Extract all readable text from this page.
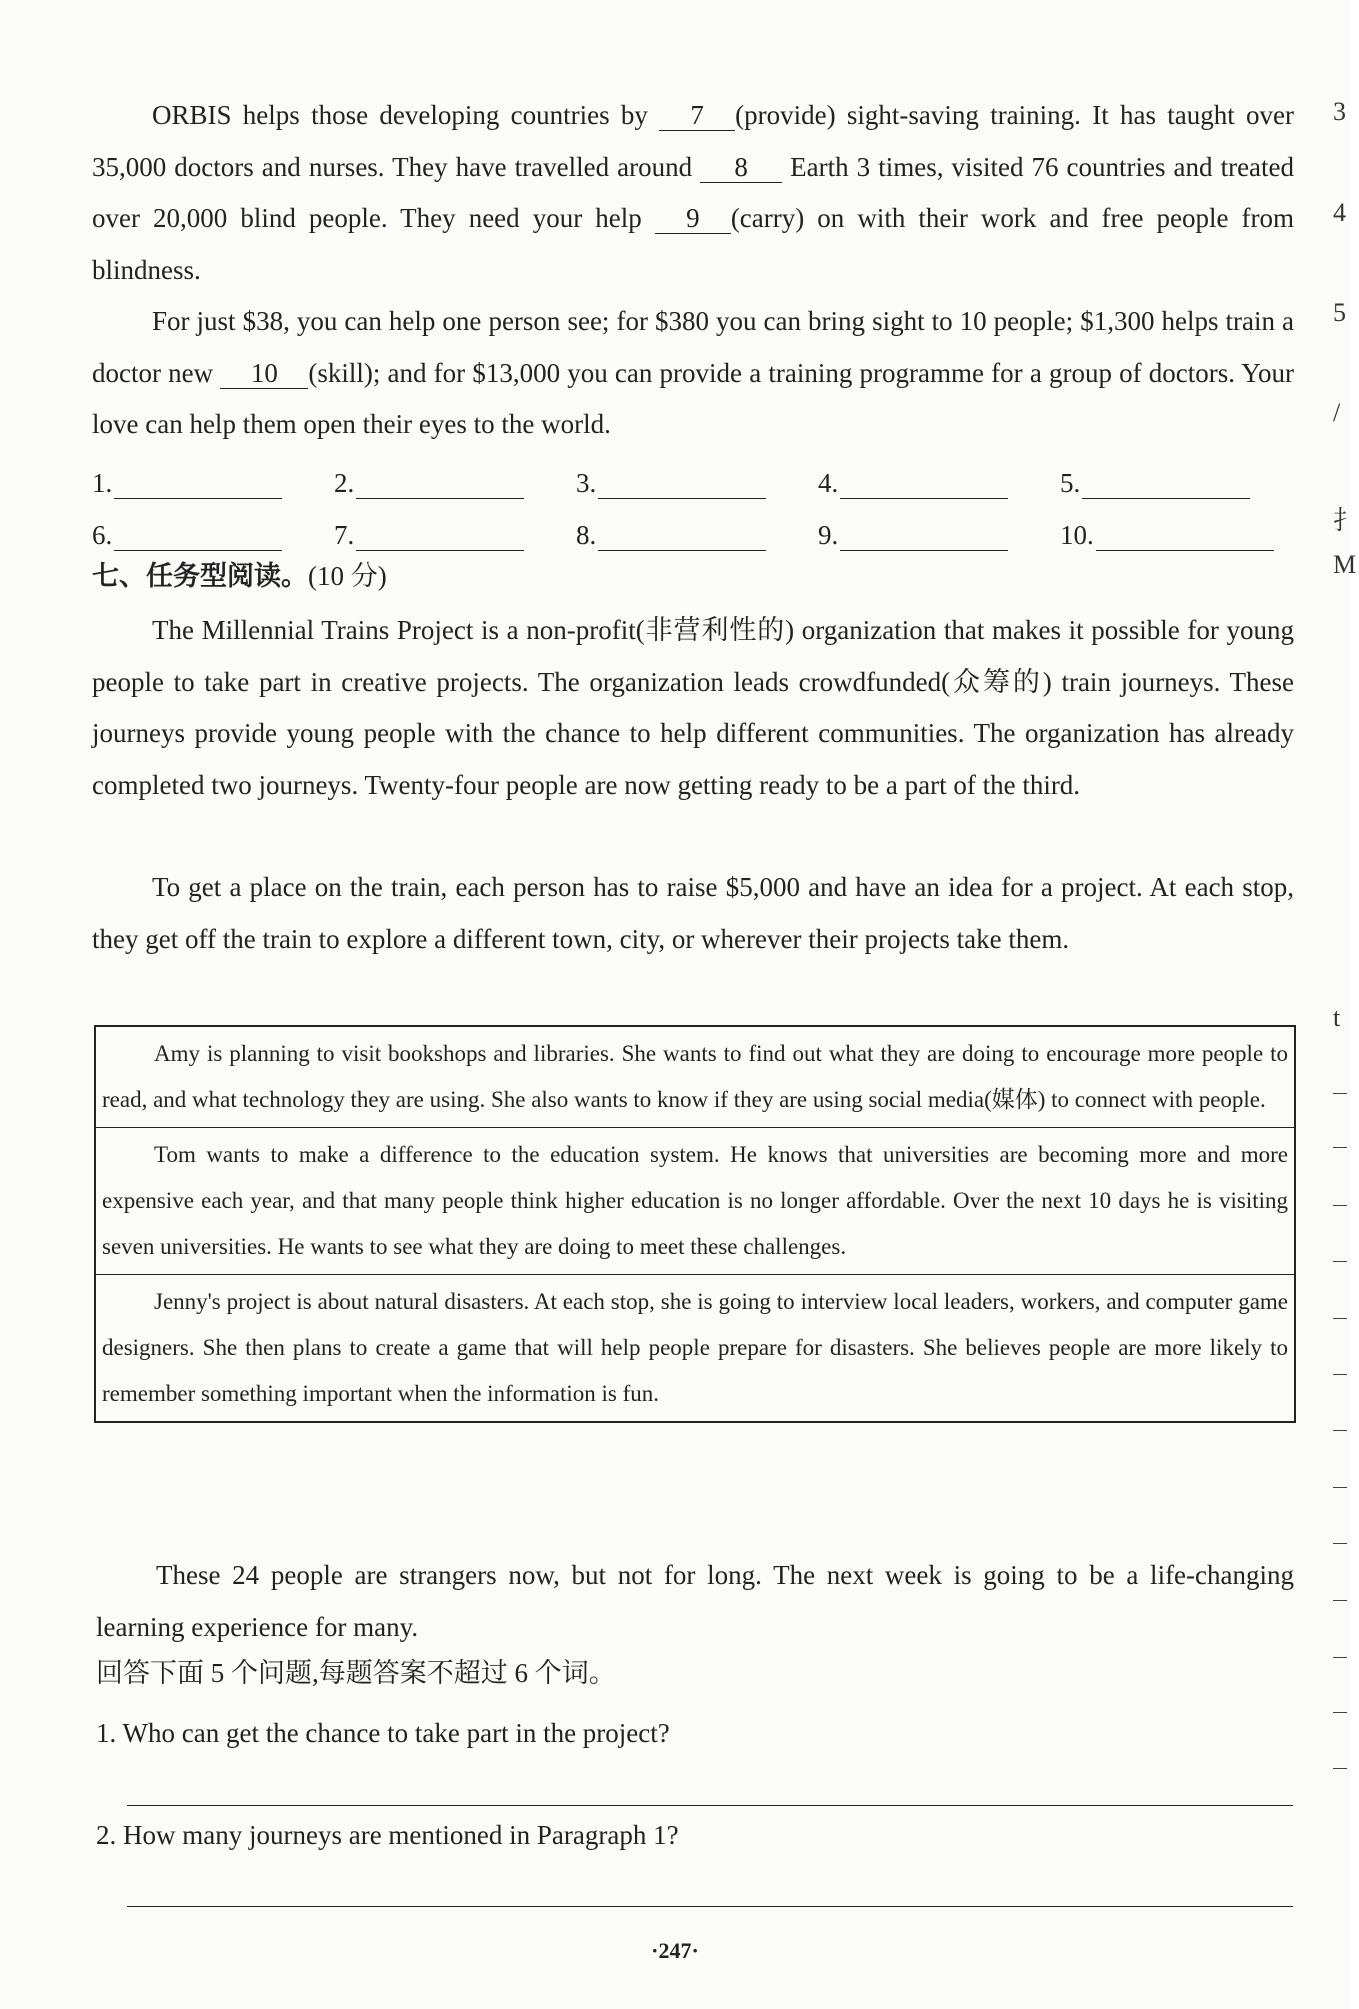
ORBIS helps those developing countries by 7 (provide) sight-saving training. It has taught over 35,000 doctors and nurses. They have travelled around 8 Earth 3 times, visited 76 countries and treated over 20,000 blind people. They need your help 9 (carry) on with their work and free people from blindness.

For just $38, you can help one person see; for $380 you can bring sight to 10 people; $1,300 helps train a doctor new 10 (skill); and for $13,000 you can provide a training programme for a group of doctors. Your love can help them open their eyes to the world.

1.	2.	3.	4.	5.
6.	7.	8.	9.	10.

七、任务型阅读。(10 分)

The Millennial Trains Project is a non-profit(非营利性的) organization that makes it possible for young people to take part in creative projects. The organization leads crowdfunded(众筹的) train journeys. These journeys provide young people with the chance to help different communities. The organization has already completed two journeys. Twenty-four people are now getting ready to be a part of the third.

To get a place on the train, each person has to raise $5,000 and have an idea for a project. At each stop, they get off the train to explore a different town, city, or wherever their projects take them.

Amy is planning to visit bookshops and libraries. She wants to find out what they are doing to encourage more people to read, and what technology they are using. She also wants to know if they are using social media(媒体) to connect with people.
Tom wants to make a difference to the education system. He knows that universities are becoming more and more expensive each year, and that many people think higher education is no longer affordable. Over the next 10 days he is visiting seven universities. He wants to see what they are doing to meet these challenges.
Jenny's project is about natural disasters. At each stop, she is going to interview local leaders, workers, and computer game designers. She then plans to create a game that will help people prepare for disasters. She believes people are more likely to remember something important when the information is fun.

These 24 people are strangers now, but not for long. The next week is going to be a life-changing learning experience for many.

回答下面 5 个问题,每题答案不超过 6 个词。

1. Who can get the chance to take part in the project?

2. How many journeys are mentioned in Paragraph 1?

·247·
3
4
5
/
扌
M
t
